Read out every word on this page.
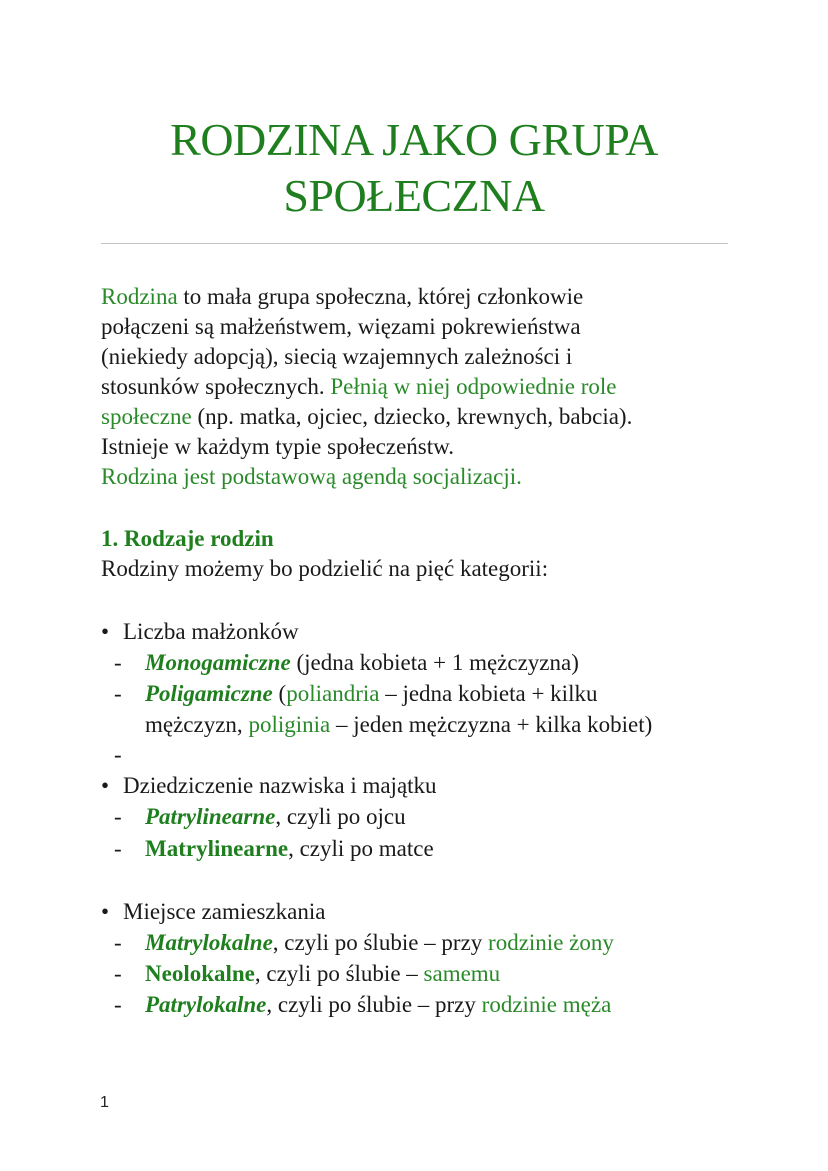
RODZINA JAKO GRUPA
SPOŁECZNA
Rodzina to mała grupa społeczna, której członkowie
połączeni są małżeństwem, więzami pokrewieństwa
(niekiedy adopcją), siecią wzajemnych zależności i
stosunków społecznych. Pełnią w niej odpowiednie role
społeczne (np. matka, ojciec, dziecko, krewnych, babcia).
Istnieje w każdym typie społeczeństw.
Rodzina jest podstawową agendą socjalizacji.
1. Rodzaje rodzin
Rodziny możemy bo podzielić na pięć kategorii:
• Liczba małżonków
- Monogamiczne (jedna kobieta + 1 mężczyzna)
- Poligamiczne (poliandria – jedna kobieta + kilku
mężczyzn, poliginia – jeden mężczyzna + kilka kobiet)
-
• Dziedziczenie nazwiska i majątku
- Patrylinearne, czyli po ojcu
- Matrylinearne, czyli po matce
• Miejsce zamieszkania
- Matrylokalne, czyli po ślubie – przy rodzinie żony
- Neolokalne, czyli po ślubie – samemu
- Patrylokalne, czyli po ślubie – przy rodzinie męża
1
